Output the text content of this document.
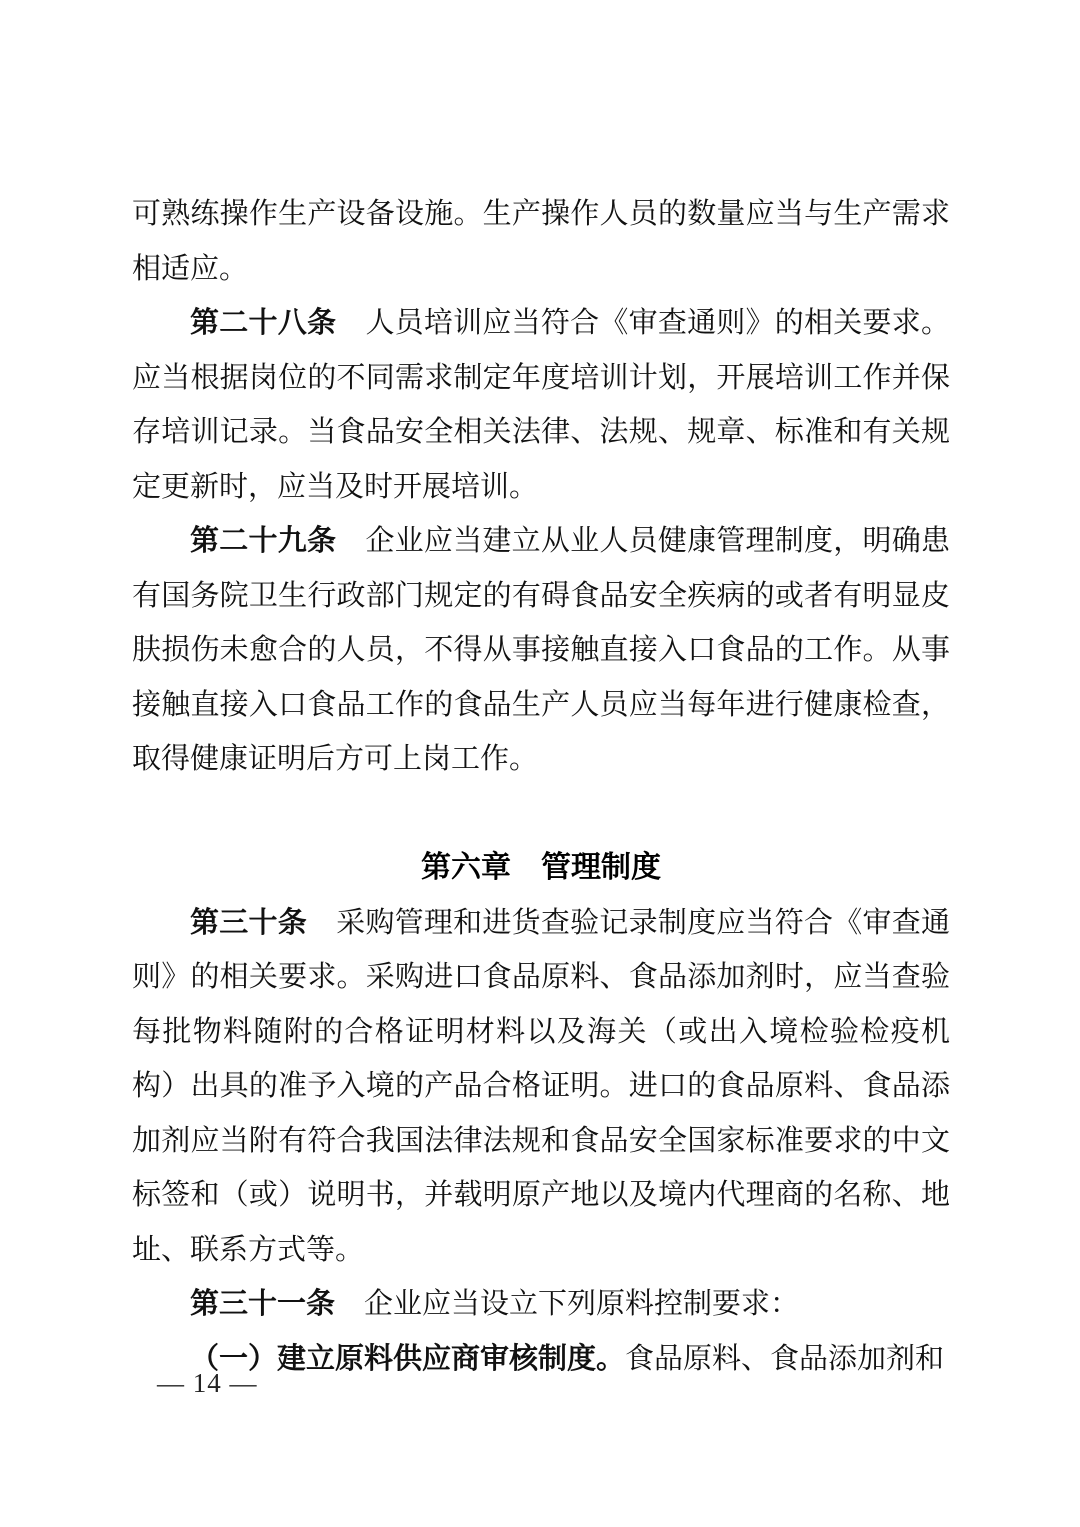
可熟练操作生产设备设施。生产操作人员的数量应当与生产需求相适应。

第二十八条　人员培训应当符合《审查通则》的相关要求。应当根据岗位的不同需求制定年度培训计划，开展培训工作并保存培训记录。当食品安全相关法律、法规、规章、标准和有关规定更新时，应当及时开展培训。

第二十九条　企业应当建立从业人员健康管理制度，明确患有国务院卫生行政部门规定的有碍食品安全疾病的或者有明显皮肤损伤未愈合的人员，不得从事接触直接入口食品的工作。从事接触直接入口食品工作的食品生产人员应当每年进行健康检查，取得健康证明后方可上岗工作。

第六章　管理制度

第三十条　采购管理和进货查验记录制度应当符合《审查通则》的相关要求。采购进口食品原料、食品添加剂时，应当查验每批物料随附的合格证明材料以及海关（或出入境检验检疫机构）出具的准予入境的产品合格证明。进口的食品原料、食品添加剂应当附有符合我国法律法规和食品安全国家标准要求的中文标签和（或）说明书，并载明原产地以及境内代理商的名称、地址、联系方式等。

第三十一条　企业应当设立下列原料控制要求：

（一）建立原料供应商审核制度。食品原料、食品添加剂和

— 14 —
